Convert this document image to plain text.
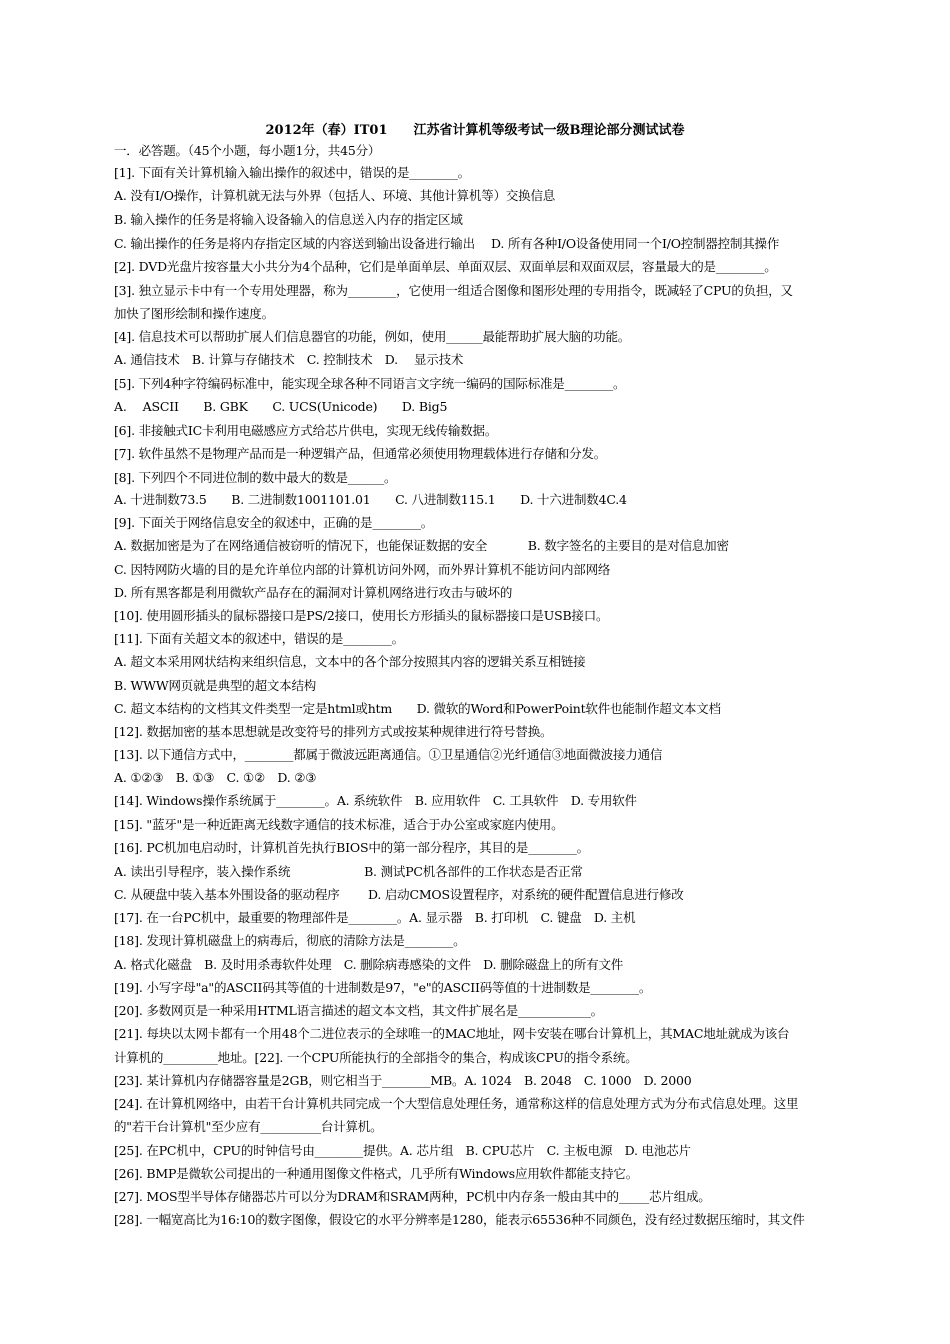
2012年（春）IT01　　江苏省计算机等级考试一级B理论部分测试试卷
一．必答题。（45个小题，每小题1分，共45分）
[1]. 下面有关计算机输入输出操作的叙述中，错误的是________。
A. 没有I/O操作，计算机就无法与外界（包括人、环境、其他计算机等）交换信息
B. 输入操作的任务是将输入设备输入的信息送入内存的指定区域
C. 输出操作的任务是将内存指定区域的内容送到输出设备进行输出　 D. 所有各种I/O设备使用同一个I/O控制器控制其操作
[2]. DVD光盘片按容量大小共分为4个品种，它们是单面单层、单面双层、双面单层和双面双层，容量最大的是________。
[3]. 独立显示卡中有一个专用处理器，称为________，它使用一组适合图像和图形处理的专用指令，既减轻了CPU的负担，又
加快了图形绘制和操作速度。
[4]. 信息技术可以帮助扩展人们信息器官的功能，例如，使用______最能帮助扩展大脑的功能。
A. 通信技术　B. 计算与存储技术　C. 控制技术　D. 　显示技术
[5]. 下列4种字符编码标准中，能实现全球各种不同语言文字统一编码的国际标准是________。
A. 　ASCII　　B. GBK　　C. UCS(Unicode)　　D. Big5
[6]. 非接触式IC卡利用电磁感应方式给芯片供电，实现无线传输数据。
[7]. 软件虽然不是物理产品而是一种逻辑产品，但通常必须使用物理载体进行存储和分发。
[8]. 下列四个不同进位制的数中最大的数是______。
A. 十进制数73.5　　B. 二进制数1001101.01　　C. 八进制数115.1　　D. 十六进制数4C.4
[9]. 下面关于网络信息安全的叙述中，正确的是________。
A. 数据加密是为了在网络通信被窃听的情况下，也能保证数据的安全　　　 B. 数字签名的主要目的是对信息加密
C. 因特网防火墙的目的是允许单位内部的计算机访问外网，而外界计算机不能访问内部网络
D. 所有黑客都是利用微软产品存在的漏洞对计算机网络进行攻击与破坏的
[10]. 使用圆形插头的鼠标器接口是PS/2接口，使用长方形插头的鼠标器接口是USB接口。
[11]. 下面有关超文本的叙述中，错误的是________。
A. 超文本采用网状结构来组织信息，文本中的各个部分按照其内容的逻辑关系互相链接
B. WWW网页就是典型的超文本结构
C. 超文本结构的文档其文件类型一定是html或htm　　D. 微软的Word和PowerPoint软件也能制作超文本文档
[12]. 数据加密的基本思想就是改变符号的排列方式或按某种规律进行符号替换。
[13]. 以下通信方式中，________都属于微波远距离通信。①卫星通信②光纤通信③地面微波接力通信
A. ①②③　B. ①③　C. ①②　D. ②③
[14]. Windows操作系统属于________。A. 系统软件　B. 应用软件　C. 工具软件　D. 专用软件
[15]. "蓝牙"是一种近距离无线数字通信的技术标准，适合于办公室或家庭内使用。
[16]. PC机加电启动时，计算机首先执行BIOS中的第一部分程序，其目的是________。
A. 读出引导程序，装入操作系统　　　　　　B. 测试PC机各部件的工作状态是否正常
C. 从硬盘中装入基本外围设备的驱动程序　　 D. 启动CMOS设置程序，对系统的硬件配置信息进行修改
[17]. 在一台PC机中，最重要的物理部件是________。A. 显示器　B. 打印机　C. 键盘　D. 主机
[18]. 发现计算机磁盘上的病毒后，彻底的清除方法是________。
A. 格式化磁盘　B. 及时用杀毒软件处理　C. 删除病毒感染的文件　D. 删除磁盘上的所有文件
[19]. 小写字母"a"的ASCII码其等值的十进制数是97，"e"的ASCII码等值的十进制数是________。
[20]. 多数网页是一种采用HTML语言描述的超文本文档，其文件扩展名是____________。
[21]. 每块以太网卡都有一个用48个二进位表示的全球唯一的MAC地址，网卡安装在哪台计算机上，其MAC地址就成为该台
计算机的_________地址。[22]. 一个CPU所能执行的全部指令的集合，构成该CPU的指令系统。
[23]. 某计算机内存储器容量是2GB，则它相当于________MB。A. 1024　B. 2048　C. 1000　D. 2000
[24]. 在计算机网络中，由若干台计算机共同完成一个大型信息处理任务，通常称这样的信息处理方式为分布式信息处理。这里
的"若干台计算机"至少应有__________台计算机。
[25]. 在PC机中，CPU的时钟信号由________提供。A. 芯片组　B. CPU芯片　C. 主板电源　D. 电池芯片
[26]. BMP是微软公司提出的一种通用图像文件格式，几乎所有Windows应用软件都能支持它。
[27]. MOS型半导体存储器芯片可以分为DRAM和SRAM两种，PC机中内存条一般由其中的_____芯片组成。
[28]. 一幅宽高比为16:10的数字图像，假设它的水平分辨率是1280，能表示65536种不同颜色，没有经过数据压缩时，其文件
